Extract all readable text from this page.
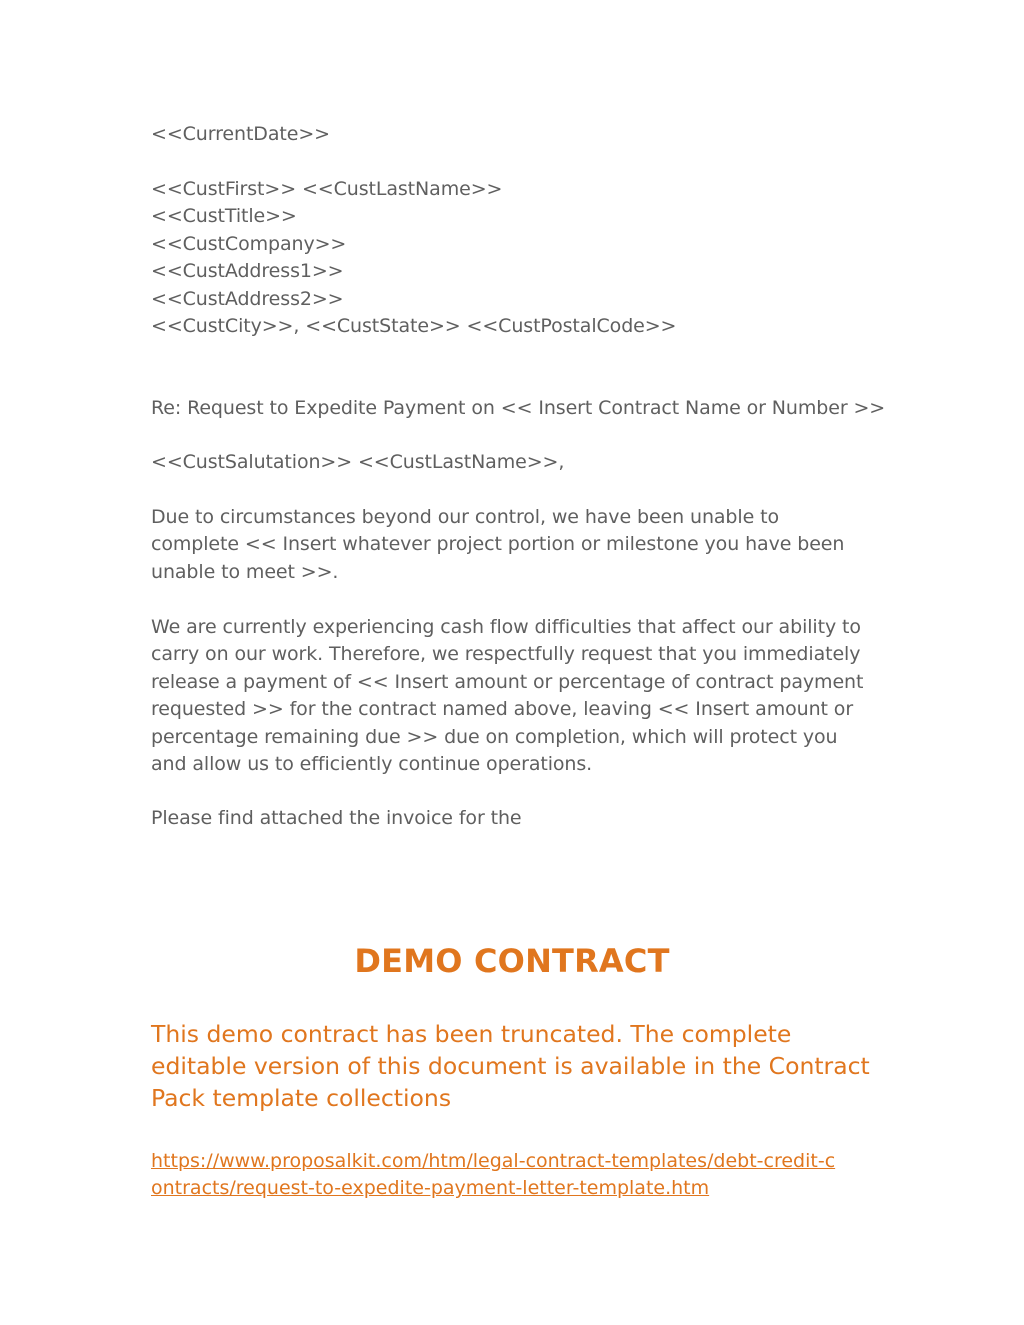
<<CurrentDate>>
<<CustFirst>> <<CustLastName>>
<<CustTitle>>
<<CustCompany>>
<<CustAddress1>>
<<CustAddress2>>
<<CustCity>>, <<CustState>> <<CustPostalCode>>
Re: Request to Expedite Payment on << Insert Contract Name or Number >>
<<CustSalutation>> <<CustLastName>>,
Due to circumstances beyond our control, we have been unable to complete << Insert whatever project portion or milestone you have been unable to meet >>.
We are currently experiencing cash flow difficulties that affect our ability to carry on our work. Therefore, we respectfully request that you immediately release a payment of << Insert amount or percentage of contract payment requested >> for the contract named above, leaving << Insert amount or percentage remaining due >> due on completion, which will protect you and allow us to efficiently continue operations.
Please find attached the invoice for the
DEMO CONTRACT
This demo contract has been truncated. The complete editable version of this document is available in the Contract Pack template collections
https://www.proposalkit.com/htm/legal-contract-templates/debt-credit-contracts/request-to-expedite-payment-letter-template.htm
